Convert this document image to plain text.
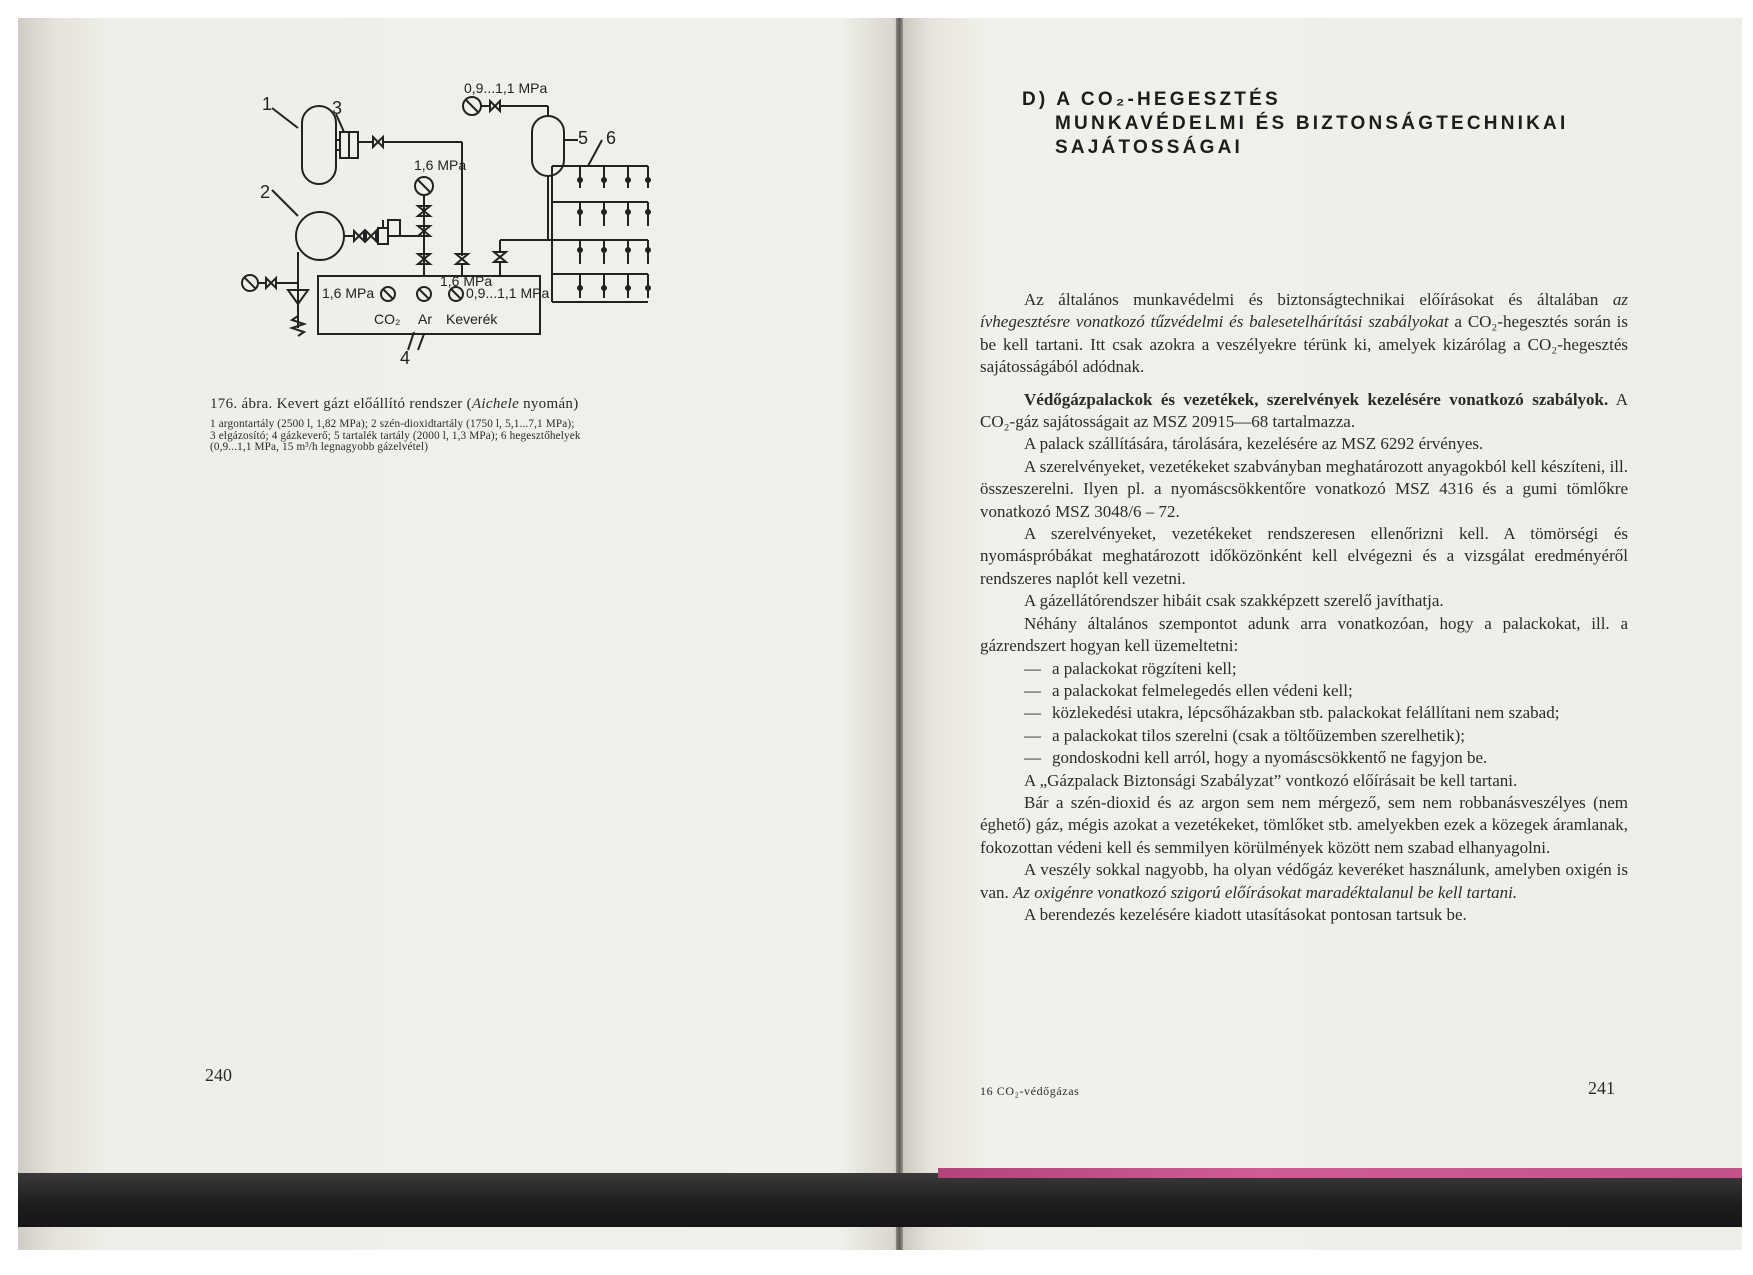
1
2
3
4
5 6
0,9...1,1 MPa
1,6 MPa
1,6 MPa
1,6 MPa	0,9...1,1 MPa
CO₂ Ar Keverék

176. ábra. Kevert gázt előállító rendszer (Aichele nyomán)

1 argontartály (2500 l, 1,82 MPa); 2 szén-dioxidtartály (1750 l, 5,1...7,1 MPa);

3 elgázosító; 4 gázkeverő; 5 tartalék tartály (2000 l, 1,3 MPa); 6 hegesztőhelyek

(0,9...1,1 MPa, 15 m³/h legnagyobb gázelvétel)

240
D) A CO₂-HEGESZTÉS
MUNKAVÉDELMI ÉS BIZTONSÁGTECHNIKAI
SAJÁTOSSÁGAI

Az általános munkavédelmi és biztonságtechnikai előírásokat és általában az ívhegesztésre vonatkozó tűzvédelmi és balesetelhárítási szabályokat a CO₂-hegesztés során is be kell tartani. Itt csak azokra a veszélyekre térünk ki, amelyek kizárólag a CO₂-hegesztés sajátosságából adódnak.

Védőgázpalackok és vezetékek, szerelvények kezelésére vonatkozó szabályok. A CO₂-gáz sajátosságait az MSZ 20915—68 tartalmazza.

A palack szállítására, tárolására, kezelésére az MSZ 6292 érvényes.

A szerelvényeket, vezetékeket szabványban meghatározott anyagokból kell készíteni, ill. összeszerelni. Ilyen pl. a nyomáscsökkentőre vonatkozó MSZ 4316 és a gumi tömlőkre vonatkozó MSZ 3048/6 – 72.

A szerelvényeket, vezetékeket rendszeresen ellenőrizni kell. A tömörségi és nyomáspróbákat meghatározott időközönként kell elvégezni és a vizsgálat eredményéről rendszeres naplót kell vezetni.

A gázellátórendszer hibáit csak szakképzett szerelő javíthatja.

Néhány általános szempontot adunk arra vonatkozóan, hogy a palackokat, ill. a gázrendszert hogyan kell üzemeltetni:

— a palackokat rögzíteni kell;
— a palackokat felmelegedés ellen védeni kell;
— közlekedési utakra, lépcsőházakban stb. palackokat felállítani nem szabad;
— a palackokat tilos szerelni (csak a töltőüzemben szerelhetik);
— gondoskodni kell arról, hogy a nyomáscsökkentő ne fagyjon be.

A „Gázpalack Biztonsági Szabályzat” vontkozó előírásait be kell tartani.

Bár a szén-dioxid és az argon sem nem mérgező, sem nem robbanásveszélyes (nem éghető) gáz, mégis azokat a vezetékeket, tömlőket stb. amelyekben ezek a közegek áramlanak, fokozottan védeni kell és semmilyen körülmények között nem szabad elhanyagolni.

A veszély sokkal nagyobb, ha olyan védőgáz keveréket használunk, amelyben oxigén is van. Az oxigénre vonatkozó szigorú előírásokat maradéktalanul be kell tartani.

A berendezés kezelésére kiadott utasításokat pontosan tartsuk be.

16 CO₂-védőgázas	241
